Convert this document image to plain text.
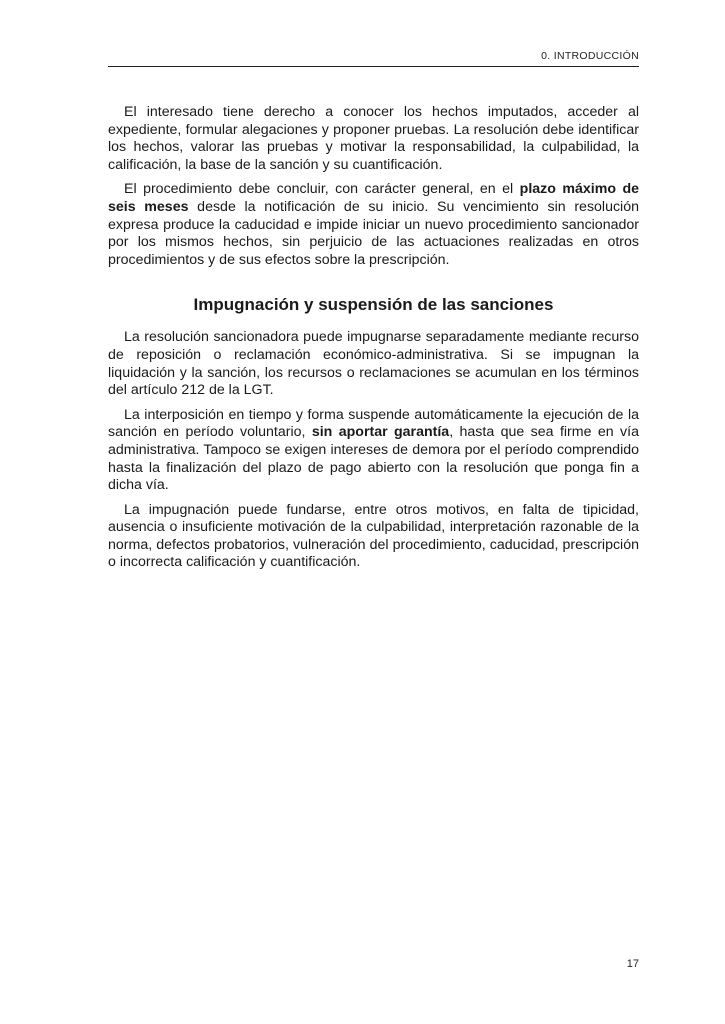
0. INTRODUCCIÓN

El interesado tiene derecho a conocer los hechos imputados, acceder al expediente, formular alegaciones y proponer pruebas. La resolución debe identificar los hechos, valorar las pruebas y motivar la responsabilidad, la culpabilidad, la calificación, la base de la sanción y su cuantificación.

El procedimiento debe concluir, con carácter general, en el plazo máximo de seis meses desde la notificación de su inicio. Su vencimiento sin resolución expresa produce la caducidad e impide iniciar un nuevo procedimiento sancionador por los mismos hechos, sin perjuicio de las actuaciones realizadas en otros procedimientos y de sus efectos sobre la prescripción.

Impugnación y suspensión de las sanciones

La resolución sancionadora puede impugnarse separadamente mediante recurso de reposición o reclamación económico-administrativa. Si se impugnan la liquidación y la sanción, los recursos o reclamaciones se acumulan en los términos del artículo 212 de la LGT.

La interposición en tiempo y forma suspende automáticamente la ejecución de la sanción en período voluntario, sin aportar garantía, hasta que sea firme en vía administrativa. Tampoco se exigen intereses de demora por el período comprendido hasta la finalización del plazo de pago abierto con la resolución que ponga fin a dicha vía.

La impugnación puede fundarse, entre otros motivos, en falta de tipicidad, ausencia o insuficiente motivación de la culpabilidad, interpretación razonable de la norma, defectos probatorios, vulneración del procedimiento, caducidad, prescripción o incorrecta calificación y cuantificación.

17
